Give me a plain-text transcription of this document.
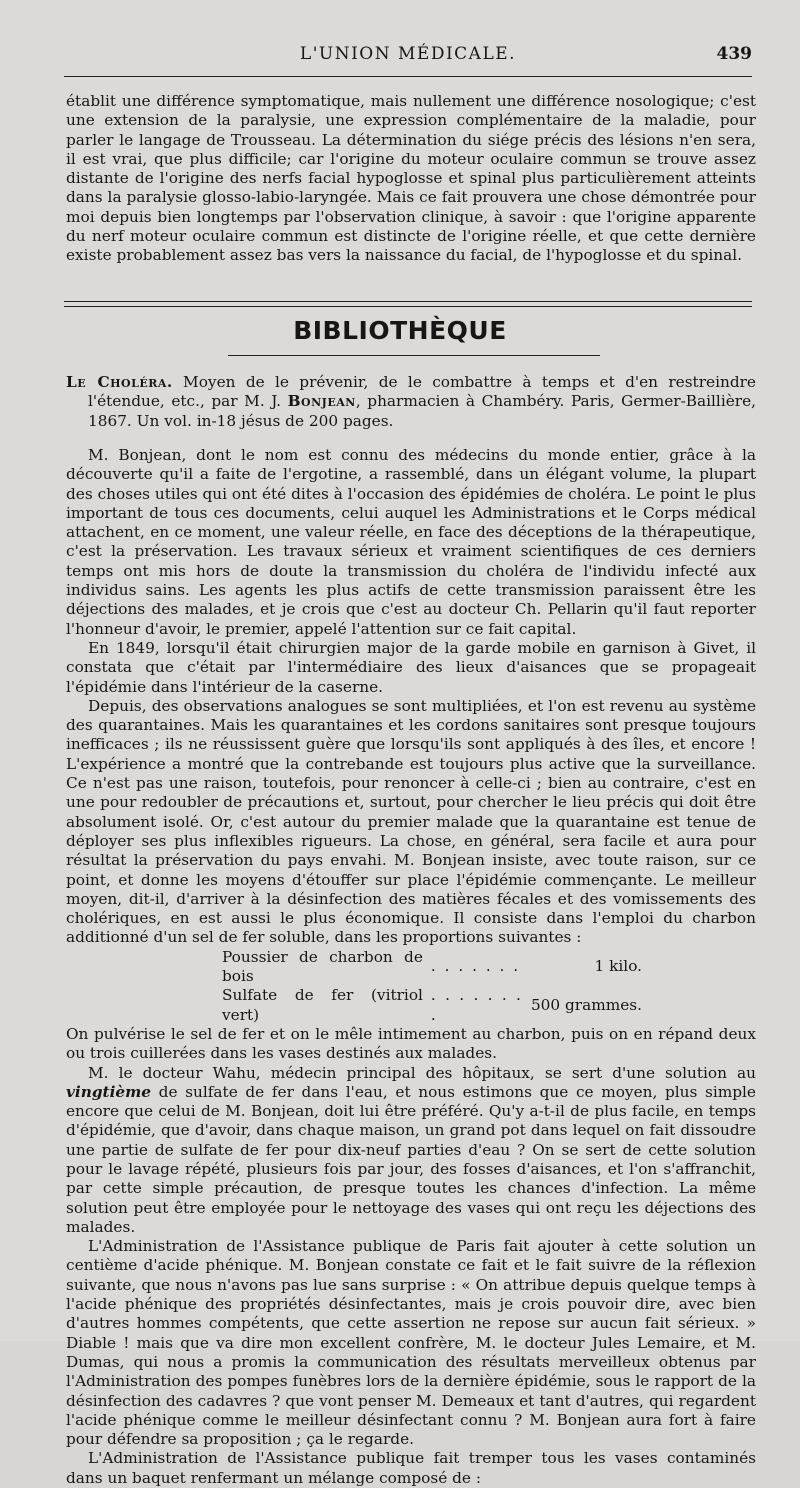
L'UNION MÉDICALE.	439

établit une différence symptomatique, mais nullement une différence nosologique; c'est une extension de la paralysie, une expression complémentaire de la maladie, pour parler le langage de Trousseau. La détermination du siége précis des lésions n'en sera, il est vrai, que plus difficile; car l'origine du moteur oculaire commun se trouve assez distante de l'origine des nerfs facial hypoglosse et spinal plus particulièrement atteints dans la paralysie glosso-labio-laryngée. Mais ce fait prouvera une chose démontrée pour moi depuis bien longtemps par l'observation clinique, à savoir : que l'origine apparente du nerf moteur oculaire commun est distincte de l'origine réelle, et que cette dernière existe probablement assez bas vers la naissance du facial, de l'hypoglosse et du spinal.

BIBLIOTHÈQUE

Le Choléra. Moyen de le prévenir, de le combattre à temps et d'en restreindre l'étendue, etc., par M. J. Bonjean, pharmacien à Chambéry. Paris, Germer-Baillière, 1867. Un vol. in-18 jésus de 200 pages.

M. Bonjean, dont le nom est connu des médecins du monde entier, grâce à la découverte qu'il a faite de l'ergotine, a rassemblé, dans un élégant volume, la plupart des choses utiles qui ont été dites à l'occasion des épidémies de choléra. Le point le plus important de tous ces documents, celui auquel les Administrations et le Corps médical attachent, en ce moment, une valeur réelle, en face des déceptions de la thérapeutique, c'est la préservation. Les travaux sérieux et vraiment scientifiques de ces derniers temps ont mis hors de doute la transmission du choléra de l'individu infecté aux individus sains. Les agents les plus actifs de cette transmission paraissent être les déjections des malades, et je crois que c'est au docteur Ch. Pellarin qu'il faut reporter l'honneur d'avoir, le premier, appelé l'attention sur ce fait capital.

En 1849, lorsqu'il était chirurgien major de la garde mobile en garnison à Givet, il constata que c'était par l'intermédiaire des lieux d'aisances que se propageait l'épidémie dans l'intérieur de la caserne.

Depuis, des observations analogues se sont multipliées, et l'on est revenu au système des quarantaines. Mais les quarantaines et les cordons sanitaires sont presque toujours inefficaces ; ils ne réussissent guère que lorsqu'ils sont appliqués à des îles, et encore ! L'expérience a montré que la contrebande est toujours plus active que la surveillance. Ce n'est pas une raison, toutefois, pour renoncer à celle-ci ; bien au contraire, c'est en une pour redoubler de précautions et, surtout, pour chercher le lieu précis qui doit être absolument isolé. Or, c'est autour du premier malade que la quarantaine est tenue de déployer ses plus inflexibles rigueurs. La chose, en général, sera facile et aura pour résultat la préservation du pays envahi. M. Bonjean insiste, avec toute raison, sur ce point, et donne les moyens d'étouffer sur place l'épidémie commençante. Le meilleur moyen, dit-il, d'arriver à la désinfection des matières fécales et des vomissements des cholériques, en est aussi le plus économique. Il consiste dans l'emploi du charbon additionné d'un sel de fer soluble, dans les proportions suivantes :

Poussier de charbon de bois	. . . . . . .	1 kilo.
Sulfate de fer (vitriol vert)	. . . . . . . .	500 grammes.

On pulvérise le sel de fer et on le mêle intimement au charbon, puis on en répand deux ou trois cuillerées dans les vases destinés aux malades.

M. le docteur Wahu, médecin principal des hôpitaux, se sert d'une solution au vingtième de sulfate de fer dans l'eau, et nous estimons que ce moyen, plus simple encore que celui de M. Bonjean, doit lui être préféré. Qu'y a-t-il de plus facile, en temps d'épidémie, que d'avoir, dans chaque maison, un grand pot dans lequel on fait dissoudre une partie de sulfate de fer pour dix-neuf parties d'eau ? On se sert de cette solution pour le lavage répété, plusieurs fois par jour, des fosses d'aisances, et l'on s'affranchit, par cette simple précaution, de presque toutes les chances d'infection. La même solution peut être employée pour le nettoyage des vases qui ont reçu les déjections des malades.

L'Administration de l'Assistance publique de Paris fait ajouter à cette solution un centième d'acide phénique. M. Bonjean constate ce fait et le fait suivre de la réflexion suivante, que nous n'avons pas lue sans surprise : « On attribue depuis quelque temps à l'acide phénique des propriétés désinfectantes, mais je crois pouvoir dire, avec bien d'autres hommes compétents, que cette assertion ne repose sur aucun fait sérieux. » Diable ! mais que va dire mon excellent confrère, M. le docteur Jules Lemaire, et M. Dumas, qui nous a promis la communication des résultats merveilleux obtenus par l'Administration des pompes funèbres lors de la dernière épidémie, sous le rapport de la désinfection des cadavres ? que vont penser M. Demeaux et tant d'autres, qui regardent l'acide phénique comme le meilleur désinfectant connu ? M. Bonjean aura fort à faire pour défendre sa proposition ; ça le regarde.

L'Administration de l'Assistance publique fait tremper tous les vases contaminés dans un baquet renfermant un mélange composé de :
